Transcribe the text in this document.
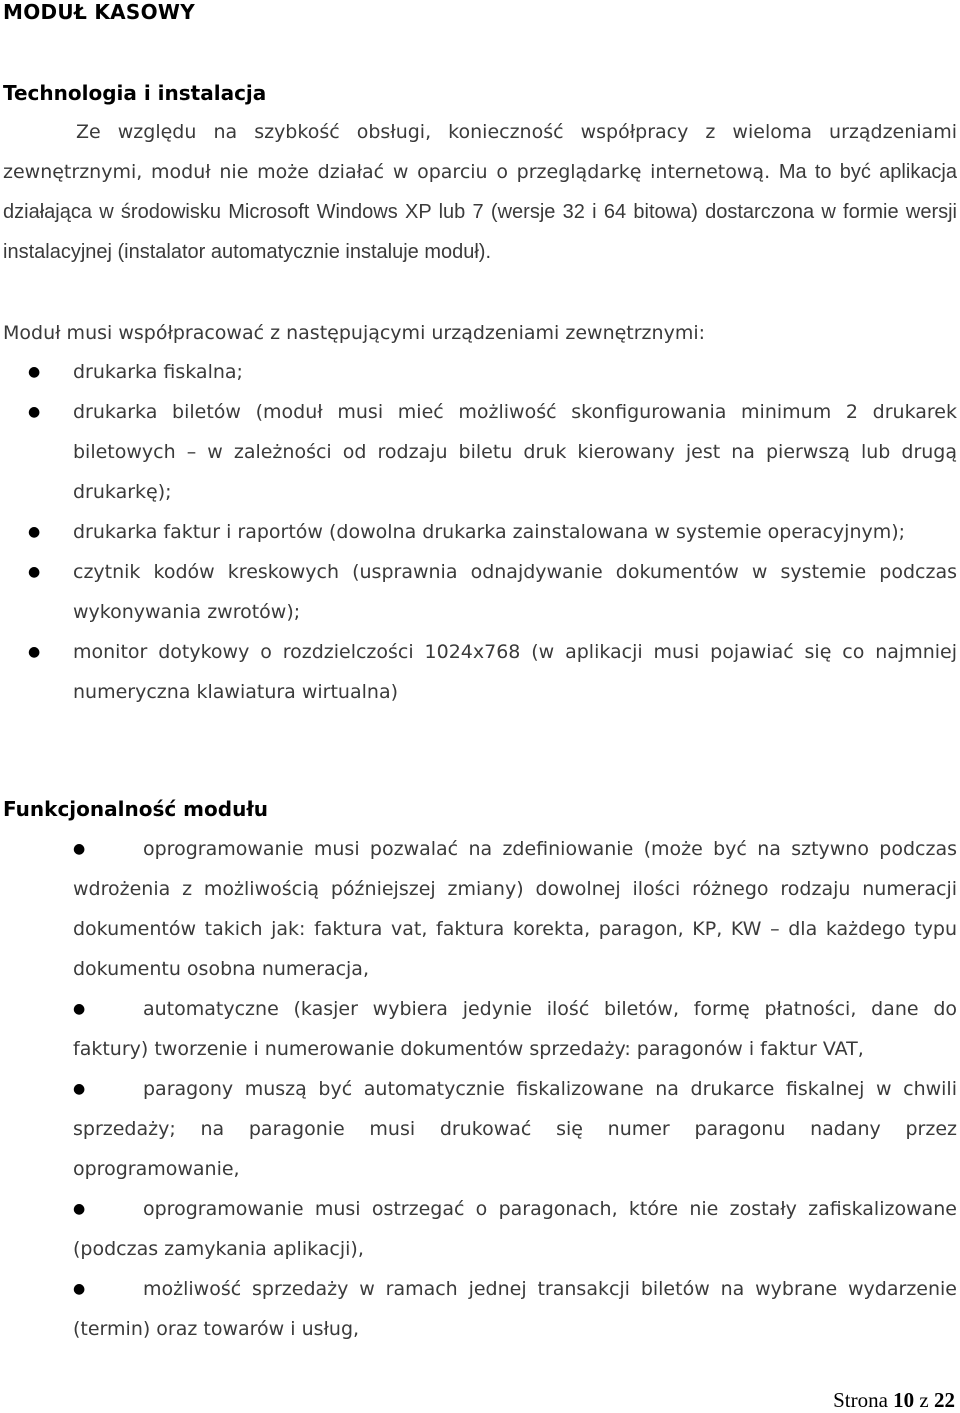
MODUŁ KASOWY
Technologia i instalacja

Ze względu na szybkość obsługi, konieczność współpracy z wieloma urządzeniami zewnętrznymi, moduł nie może działać w oparciu o przeglądarkę internetową. Ma to być aplikacja działająca w środowisku Microsoft Windows XP lub 7 (wersje 32 i 64 bitowa) dostarczona w formie wersji instalacyjnej (instalator automatycznie instaluje moduł).

Moduł musi współpracować z następującymi urządzeniami zewnętrznymi:

● drukarka fiskalna;
● drukarka biletów (moduł musi mieć możliwość skonfigurowania minimum 2 drukarek biletowych – w zależności od rodzaju biletu druk kierowany jest na pierwszą lub drugą drukarkę);
● drukarka faktur i raportów (dowolna drukarka zainstalowana w systemie operacyjnym);
● czytnik kodów kreskowych (usprawnia odnajdywanie dokumentów w systemie podczas wykonywania zwrotów);
● monitor dotykowy o rozdzielczości 1024x768 (w aplikacji musi pojawiać się co najmniej numeryczna klawiatura wirtualna)
Funkcjonalność modułu
●	oprogramowanie musi pozwalać na zdefiniowanie (może być na sztywno podczas wdrożenia z możliwością późniejszej zmiany) dowolnej ilości różnego rodzaju numeracji dokumentów takich jak: faktura vat, faktura korekta, paragon, KP, KW – dla każdego typu dokumentu osobna numeracja,
●	automatyczne (kasjer wybiera jedynie ilość biletów, formę płatności, dane do faktury) tworzenie i numerowanie dokumentów sprzedaży: paragonów i faktur VAT,
●	paragony muszą być automatycznie fiskalizowane na drukarce fiskalnej w chwili sprzedaży; na paragonie musi drukować się numer paragonu nadany przez oprogramowanie,
●	oprogramowanie musi ostrzegać o paragonach, które nie zostały zafiskalizowane (podczas zamykania aplikacji),
●	możliwość sprzedaży w ramach jednej transakcji biletów na wybrane wydarzenie (termin) oraz towarów i usług,
Strona 10 z 22
